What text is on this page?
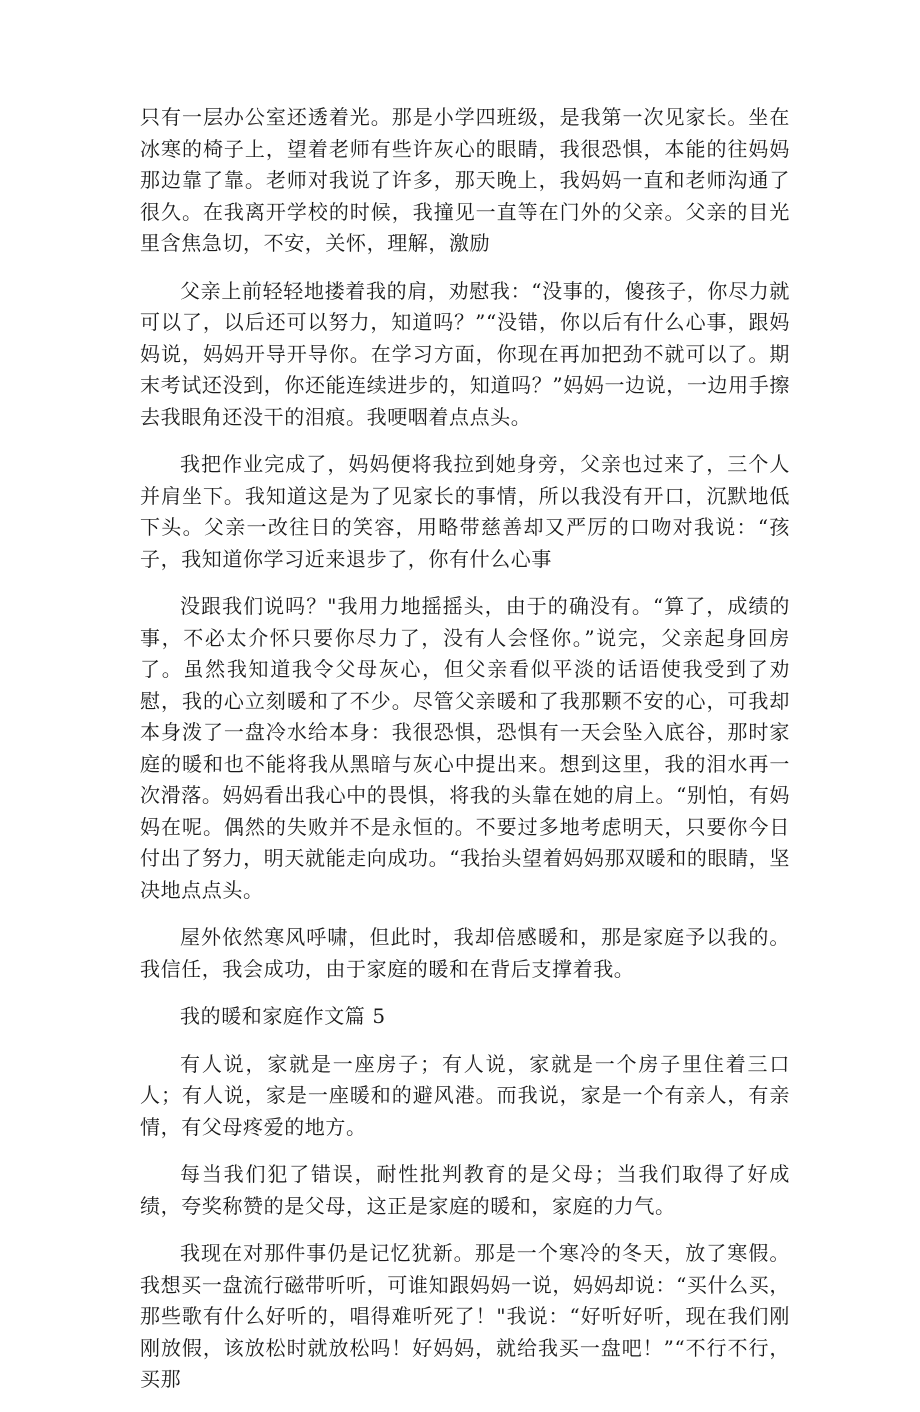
只有一层办公室还透着光。那是小学四班级，是我第一次见家长。坐在冰寒的椅子上，望着老师有些许灰心的眼睛，我很恐惧，本能的往妈妈那边靠了靠。老师对我说了许多，那天晚上，我妈妈一直和老师沟通了很久。在我离开学校的时候，我撞见一直等在门外的父亲。父亲的目光里含焦急切，不安，关怀，理解，激励

父亲上前轻轻地搂着我的肩，劝慰我：“没事的，傻孩子，你尽力就可以了，以后还可以努力，知道吗？”“没错，你以后有什么心事，跟妈妈说，妈妈开导开导你。在学习方面，你现在再加把劲不就可以了。期末考试还没到，你还能连续进步的，知道吗？”妈妈一边说，一边用手擦去我眼角还没干的泪痕。我哽咽着点点头。

我把作业完成了，妈妈便将我拉到她身旁，父亲也过来了，三个人并肩坐下。我知道这是为了见家长的事情，所以我没有开口，沉默地低下头。父亲一改往日的笑容，用略带慈善却又严厉的口吻对我说：“孩子，我知道你学习近来退步了，你有什么心事

没跟我们说吗？"我用力地摇摇头，由于的确没有。“算了，成绩的事，不必太介怀只要你尽力了，没有人会怪你。”说完，父亲起身回房了。虽然我知道我令父母灰心，但父亲看似平淡的话语使我受到了劝慰，我的心立刻暖和了不少。尽管父亲暖和了我那颗不安的心，可我却本身泼了一盘冷水给本身：我很恐惧，恐惧有一天会坠入底谷，那时家庭的暖和也不能将我从黑暗与灰心中提出来。想到这里，我的泪水再一次滑落。妈妈看出我心中的畏惧，将我的头靠在她的肩上。“别怕，有妈妈在呢。偶然的失败并不是永恒的。不要过多地考虑明天，只要你今日付出了努力，明天就能走向成功。“我抬头望着妈妈那双暖和的眼睛，坚决地点点头。

屋外依然寒风呼啸，但此时，我却倍感暖和，那是家庭予以我的。我信任，我会成功，由于家庭的暖和在背后支撑着我。

我的暖和家庭作文篇 5

有人说，家就是一座房子；有人说，家就是一个房子里住着三口人；有人说，家是一座暖和的避风港。而我说，家是一个有亲人，有亲情，有父母疼爱的地方。

每当我们犯了错误，耐性批判教育的是父母；当我们取得了好成绩，夸奖称赞的是父母，这正是家庭的暖和，家庭的力气。

我现在对那件事仍是记忆犹新。那是一个寒冷的冬天，放了寒假。我想买一盘流行磁带听听，可谁知跟妈妈一说，妈妈却说：“买什么买，那些歌有什么好听的，唱得难听死了！"我说：“好听好听，现在我们刚刚放假，该放松时就放松吗！好妈妈，就给我买一盘吧！”“不行不行，买那
